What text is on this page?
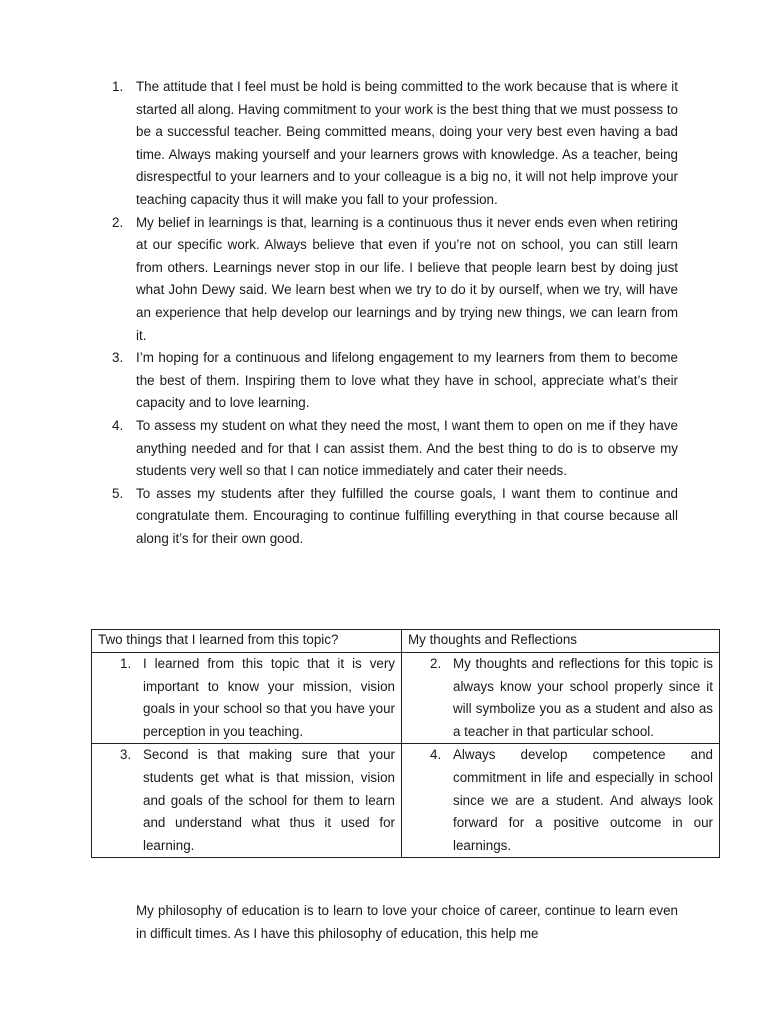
1. The attitude that I feel must be hold is being committed to the work because that is where it started all along. Having commitment to your work is the best thing that we must possess to be a successful teacher. Being committed means, doing your very best even having a bad time. Always making yourself and your learners grows with knowledge. As a teacher, being disrespectful to your learners and to your colleague is a big no, it will not help improve your teaching capacity thus it will make you fall to your profession.
2. My belief in learnings is that, learning is a continuous thus it never ends even when retiring at our specific work. Always believe that even if you’re not on school, you can still learn from others. Learnings never stop in our life. I believe that people learn best by doing just what John Dewy said. We learn best when we try to do it by ourself, when we try, will have an experience that help develop our learnings and by trying new things, we can learn from it.
3. I’m hoping for a continuous and lifelong engagement to my learners from them to become the best of them. Inspiring them to love what they have in school, appreciate what’s their capacity and to love learning.
4. To assess my student on what they need the most, I want them to open on me if they have anything needed and for that I can assist them. And the best thing to do is to observe my students very well so that I can notice immediately and cater their needs.
5. To asses my students after they fulfilled the course goals, I want them to continue and congratulate them. Encouraging to continue fulfilling everything in that course because all along it’s for their own good.
Two things that I learned from this topic?	My thoughts and Reflections

1. I learned from this topic that it is very important to know your mission, vision goals in your school so that you have your perception in you teaching.	2. My thoughts and reflections for this topic is always know your school properly since it will symbolize you as a student and also as a teacher in that particular school.

3. Second is that making sure that your students get what is that mission, vision and goals of the school for them to learn and understand what thus it used for learning.	4. Always develop competence and commitment in life and especially in school since we are a student. And always look forward for a positive outcome in our learnings.

My philosophy of education is to learn to love your choice of career, continue to learn even in difficult times. As I have this philosophy of education, this help me
